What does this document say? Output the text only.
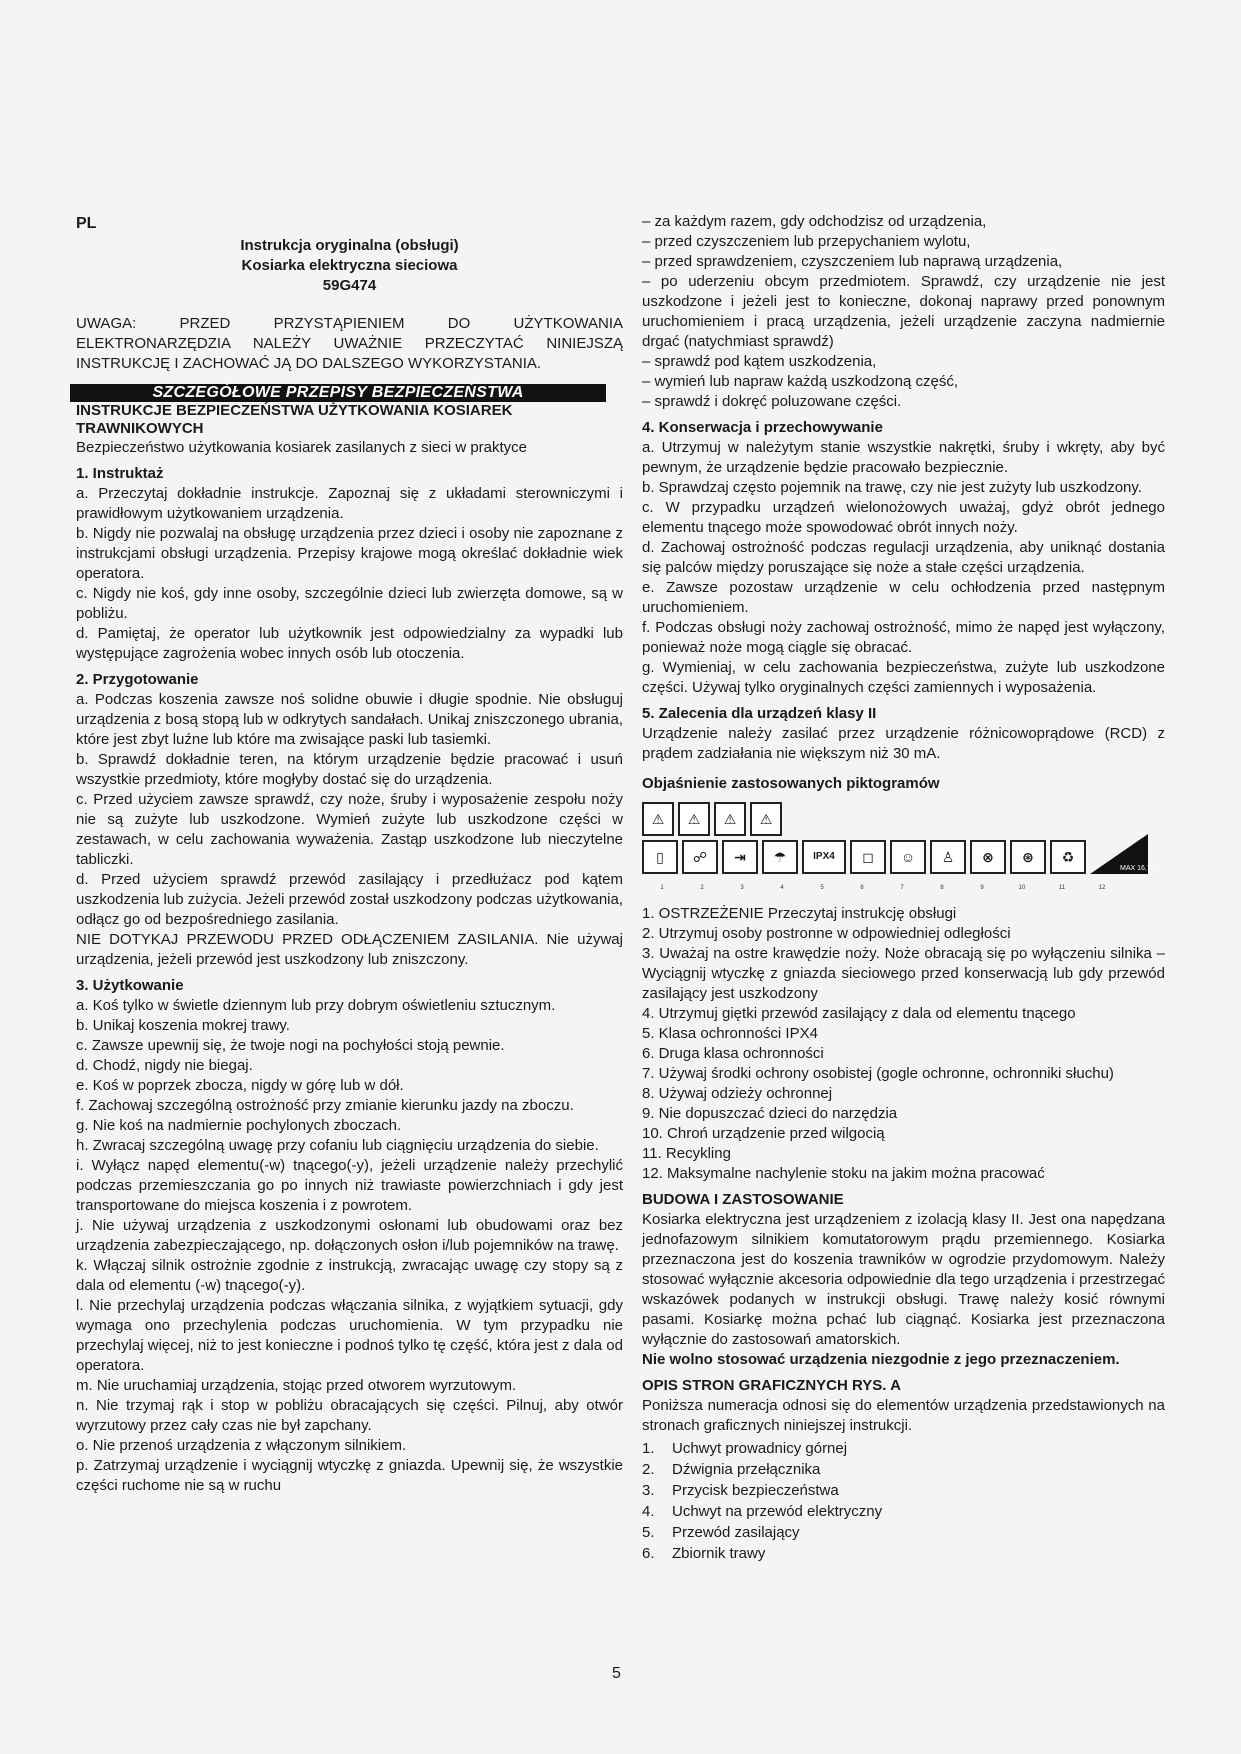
PL
Instrukcja oryginalna (obsługi)
Kosiarka elektryczna sieciowa
59G474

UWAGA: PRZED PRZYSTĄPIENIEM DO UŻYTKOWANIA ELEKTRONARZĘDZIA NALEŻY UWAŻNIE PRZECZYTAĆ NINIEJSZĄ INSTRUKCJĘ I ZACHOWAĆ JĄ DO DALSZEGO WYKORZYSTANIA.

SZCZEGÓŁOWE PRZEPISY BEZPIECZEŃSTWA

INSTRUKCJE BEZPIECZEŃSTWA UŻYTKOWANIA KOSIAREK TRAWNIKOWYCH

Bezpieczeństwo użytkowania kosiarek zasilanych z sieci w praktyce

1. Instruktaż

a. Przeczytaj dokładnie instrukcje. Zapoznaj się z układami sterowniczymi i prawidłowym użytkowaniem urządzenia.

b. Nigdy nie pozwalaj na obsługę urządzenia przez dzieci i osoby nie zapoznane z instrukcjami obsługi urządzenia. Przepisy krajowe mogą określać dokładnie wiek operatora.

c. Nigdy nie koś, gdy inne osoby, szczególnie dzieci lub zwierzęta domowe, są w pobliżu.

d. Pamiętaj, że operator lub użytkownik jest odpowiedzialny za wypadki lub występujące zagrożenia wobec innych osób lub otoczenia.

2. Przygotowanie

a. Podczas koszenia zawsze noś solidne obuwie i długie spodnie. Nie obsługuj urządzenia z bosą stopą lub w odkrytych sandałach. Unikaj zniszczonego ubrania, które jest zbyt luźne lub które ma zwisające paski lub tasiemki.

b. Sprawdź dokładnie teren, na którym urządzenie będzie pracować i usuń wszystkie przedmioty, które mogłyby dostać się do urządzenia.

c. Przed użyciem zawsze sprawdź, czy noże, śruby i wyposażenie zespołu noży nie są zużyte lub uszkodzone. Wymień zużyte lub uszkodzone części w zestawach, w celu zachowania wyważenia. Zastąp uszkodzone lub nieczytelne tabliczki.

d. Przed użyciem sprawdź przewód zasilający i przedłużacz pod kątem uszkodzenia lub zużycia. Jeżeli przewód został uszkodzony podczas użytkowania, odłącz go od bezpośredniego zasilania.

NIE DOTYKAJ PRZEWODU PRZED ODŁĄCZENIEM ZASILANIA. Nie używaj urządzenia, jeżeli przewód jest uszkodzony lub zniszczony.

3. Użytkowanie

a. Koś tylko w świetle dziennym lub przy dobrym oświetleniu sztucznym.

b. Unikaj koszenia mokrej trawy.

c. Zawsze upewnij się, że twoje nogi na pochyłości stoją pewnie.

d. Chodź, nigdy nie biegaj.

e. Koś w poprzek zbocza, nigdy w górę lub w dół.

f. Zachowaj szczególną ostrożność przy zmianie kierunku jazdy na zboczu.

g. Nie koś na nadmiernie pochylonych zboczach.

h. Zwracaj szczególną uwagę przy cofaniu lub ciągnięciu urządzenia do siebie.

i. Wyłącz napęd elementu(-w) tnącego(-y), jeżeli urządzenie należy przechylić podczas przemieszczania go po innych niż trawiaste powierzchniach i gdy jest transportowane do miejsca koszenia i z powrotem.

j. Nie używaj urządzenia z uszkodzonymi osłonami lub obudowami oraz bez urządzenia zabezpieczającego, np. dołączonych osłon i/lub pojemników na trawę.

k. Włączaj silnik ostrożnie zgodnie z instrukcją, zwracając uwagę czy stopy są z dala od elementu (-w) tnącego(-y).

l. Nie przechylaj urządzenia podczas włączania silnika, z wyjątkiem sytuacji, gdy wymaga ono przechylenia podczas uruchomienia. W tym przypadku nie przechylaj więcej, niż to jest konieczne i podnoś tylko tę część, która jest z dala od operatora.

m. Nie uruchamiaj urządzenia, stojąc przed otworem wyrzutowym.

n. Nie trzymaj rąk i stop w pobliżu obracających się części. Pilnuj, aby otwór wyrzutowy przez cały czas nie był zapchany.

o. Nie przenoś urządzenia z włączonym silnikiem.

p. Zatrzymaj urządzenie i wyciągnij wtyczkę z gniazda. Upewnij się, że wszystkie części ruchome nie są w ruchu

– za każdym razem, gdy odchodzisz od urządzenia,

– przed czyszczeniem lub przepychaniem wylotu,

– przed sprawdzeniem, czyszczeniem lub naprawą urządzenia,

– po uderzeniu obcym przedmiotem. Sprawdź, czy urządzenie nie jest uszkodzone i jeżeli jest to konieczne, dokonaj naprawy przed ponownym uruchomieniem i pracą urządzenia, jeżeli urządzenie zaczyna nadmiernie drgać (natychmiast sprawdź)

– sprawdź pod kątem uszkodzenia,

– wymień lub napraw każdą uszkodzoną część,

– sprawdź i dokręć poluzowane części.

4. Konserwacja i przechowywanie

a. Utrzymuj w należytym stanie wszystkie nakrętki, śruby i wkręty, aby być pewnym, że urządzenie będzie pracowało bezpiecznie.

b. Sprawdzaj często pojemnik na trawę, czy nie jest zużyty lub uszkodzony.

c. W przypadku urządzeń wielonożowych uważaj, gdyż obrót jednego elementu tnącego może spowodować obrót innych noży.

d. Zachowaj ostrożność podczas regulacji urządzenia, aby uniknąć dostania się palców między poruszające się noże a stałe części urządzenia.

e. Zawsze pozostaw urządzenie w celu ochłodzenia przed następnym uruchomieniem.

f. Podczas obsługi noży zachowaj ostrożność, mimo że napęd jest wyłączony, ponieważ noże mogą ciągle się obracać.

g. Wymieniaj, w celu zachowania bezpieczeństwa, zużyte lub uszkodzone części. Używaj tylko oryginalnych części zamiennych i wyposażenia.

5. Zalecenia dla urządzeń klasy II

Urządzenie należy zasilać przez urządzenie różnicowoprądowe (RCD) z prądem zadziałania nie większym niż 30 mA.

Objaśnienie zastosowanych piktogramów

⚠	⚠	⚠	⚠
▯	☍	⇥	☂	IPX4	◻	☺	♙	⊗	⊛	♻
MAX 16,7°
1	2	3	4	5	6	7	8	9	10	11	12

1. OSTRZEŻENIE Przeczytaj instrukcję obsługi

2. Utrzymuj osoby postronne w odpowiedniej odległości

3. Uważaj na ostre krawędzie noży. Noże obracają się po wyłączeniu silnika – Wyciągnij wtyczkę z gniazda sieciowego przed konserwacją lub gdy przewód zasilający jest uszkodzony

4. Utrzymuj giętki przewód zasilający z dala od elementu tnącego

5. Klasa ochronności IPX4

6. Druga klasa ochronności

7. Używaj środki ochrony osobistej (gogle ochronne, ochronniki słuchu)

8. Używaj odzieży ochronnej

9. Nie dopuszczać dzieci do narzędzia

10. Chroń urządzenie przed wilgocią

11. Recykling

12. Maksymalne nachylenie stoku na jakim można pracować

BUDOWA I ZASTOSOWANIE

Kosiarka elektryczna jest urządzeniem z izolacją klasy II. Jest ona napędzana jednofazowym silnikiem komutatorowym prądu przemiennego. Kosiarka przeznaczona jest do koszenia trawników w ogrodzie przydomowym. Należy stosować wyłącznie akcesoria odpowiednie dla tego urządzenia i przestrzegać wskazówek podanych w instrukcji obsługi. Trawę należy kosić równymi pasami. Kosiarkę można pchać lub ciągnąć. Kosiarka jest przeznaczona wyłącznie do zastosowań amatorskich.

Nie wolno stosować urządzenia niezgodnie z jego przeznaczeniem.

OPIS STRON GRAFICZNYCH RYS. A

Poniższa numeracja odnosi się do elementów urządzenia przedstawionych na stronach graficznych niniejszej instrukcji.

1.	Uchwyt prowadnicy górnej
2.	Dźwignia przełącznika
3.	Przycisk bezpieczeństwa
4.	Uchwyt na przewód elektryczny
5.	Przewód zasilający
6.	Zbiornik trawy
5
